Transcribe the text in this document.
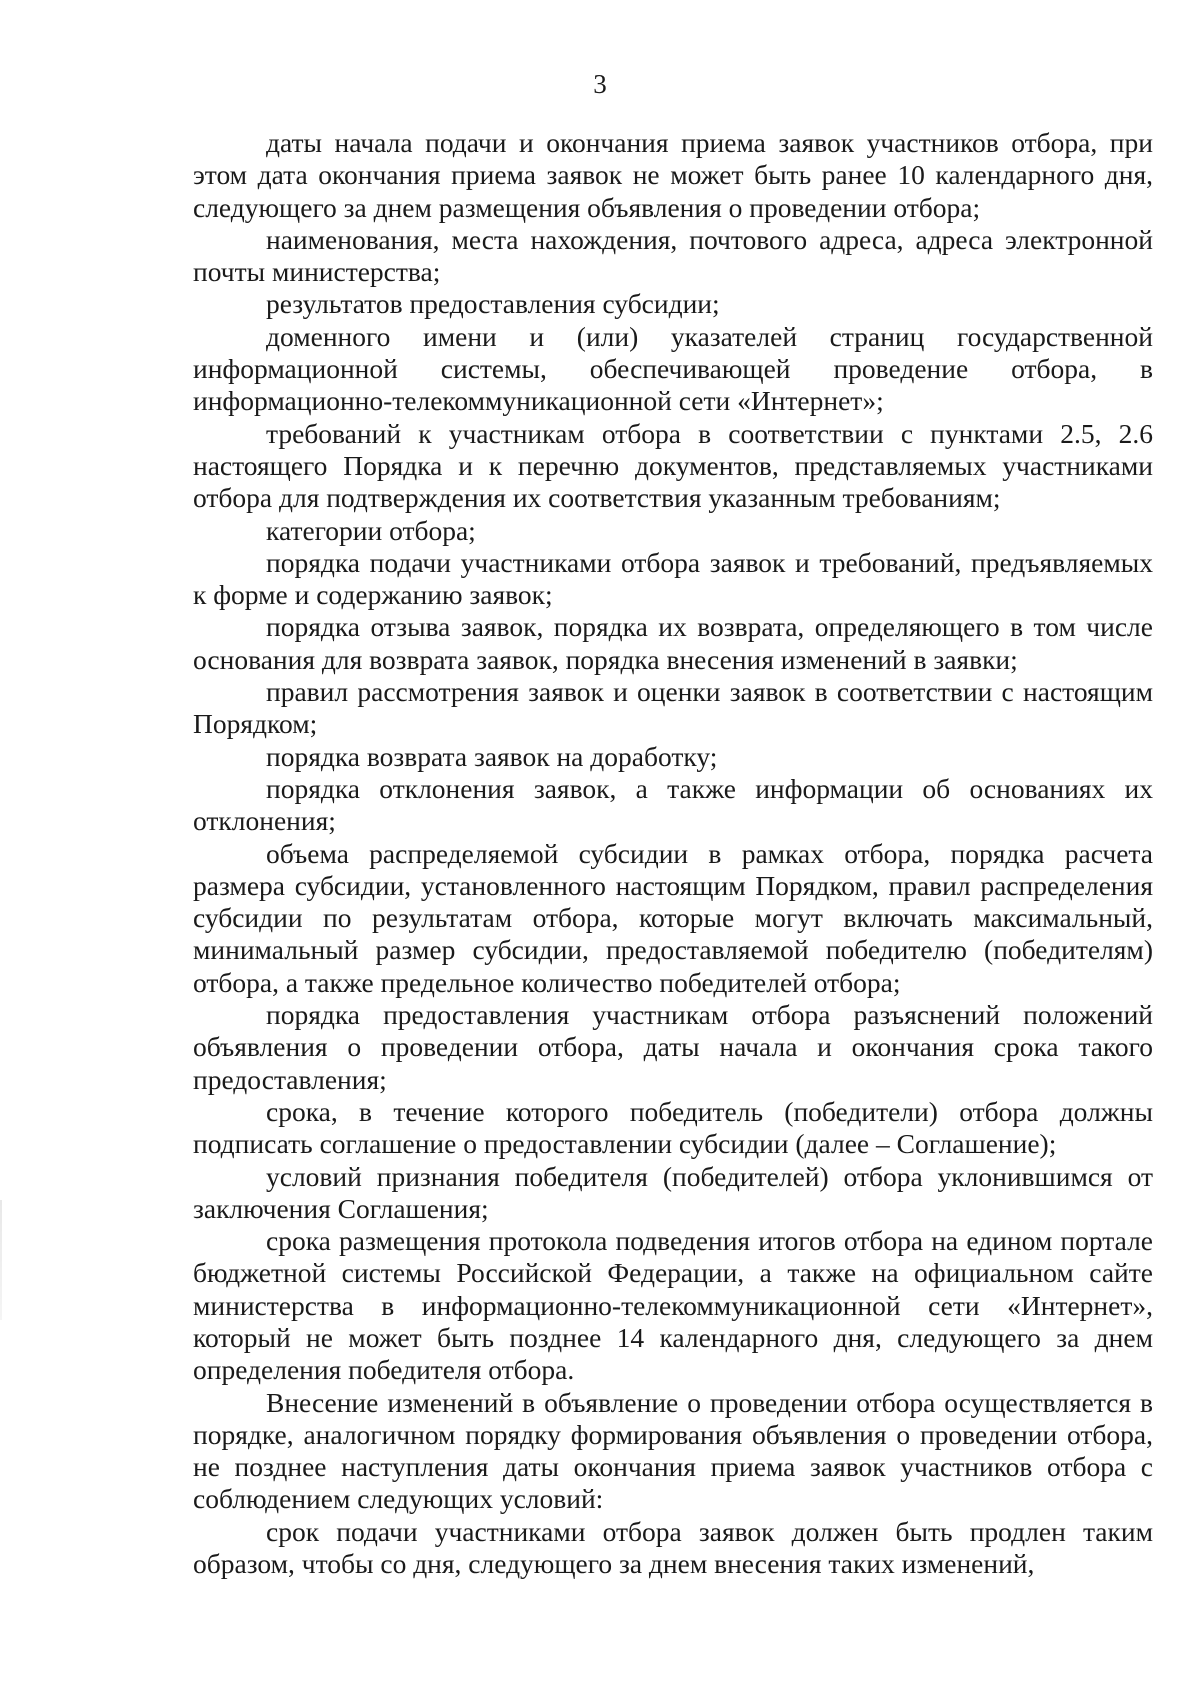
3

даты начала подачи и окончания приема заявок участников отбора, при этом дата окончания приема заявок не может быть ранее 10 календарного дня, следующего за днем размещения объявления о проведении отбора;

наименования, места нахождения, почтового адреса, адреса электронной почты министерства;

результатов предоставления субсидии;

доменного имени и (или) указателей страниц государственной информационной системы, обеспечивающей проведение отбора, в информационно-телекоммуникационной сети «Интернет»;

требований к участникам отбора в соответствии с пунктами 2.5, 2.6 настоящего Порядка и к перечню документов, представляемых участниками отбора для подтверждения их соответствия указанным требованиям;

категории отбора;

порядка подачи участниками отбора заявок и требований, предъявляемых к форме и содержанию заявок;

порядка отзыва заявок, порядка их возврата, определяющего в том числе основания для возврата заявок, порядка внесения изменений в заявки;

правил рассмотрения заявок и оценки заявок в соответствии с настоящим Порядком;

порядка возврата заявок на доработку;

порядка отклонения заявок, а также информации об основаниях их отклонения;

объема распределяемой субсидии в рамках отбора, порядка расчета размера субсидии, установленного настоящим Порядком, правил распределения субсидии по результатам отбора, которые могут включать максимальный, минимальный размер субсидии, предоставляемой победителю (победителям) отбора, а также предельное количество победителей отбора;

порядка предоставления участникам отбора разъяснений положений объявления о проведении отбора, даты начала и окончания срока такого предоставления;

срока, в течение которого победитель (победители) отбора должны подписать соглашение о предоставлении субсидии (далее – Соглашение);

условий признания победителя (победителей) отбора уклонившимся от заключения Соглашения;

срока размещения протокола подведения итогов отбора на едином портале бюджетной системы Российской Федерации, а также на официальном сайте министерства в информационно-телекоммуникационной сети «Интернет», который не может быть позднее 14 календарного дня, следующего за днем определения победителя отбора.

Внесение изменений в объявление о проведении отбора осуществляется в порядке, аналогичном порядку формирования объявления о проведении отбора, не позднее наступления даты окончания приема заявок участников отбора с соблюдением следующих условий:

срок подачи участниками отбора заявок должен быть продлен таким образом, чтобы со дня, следующего за днем внесения таких изменений,
